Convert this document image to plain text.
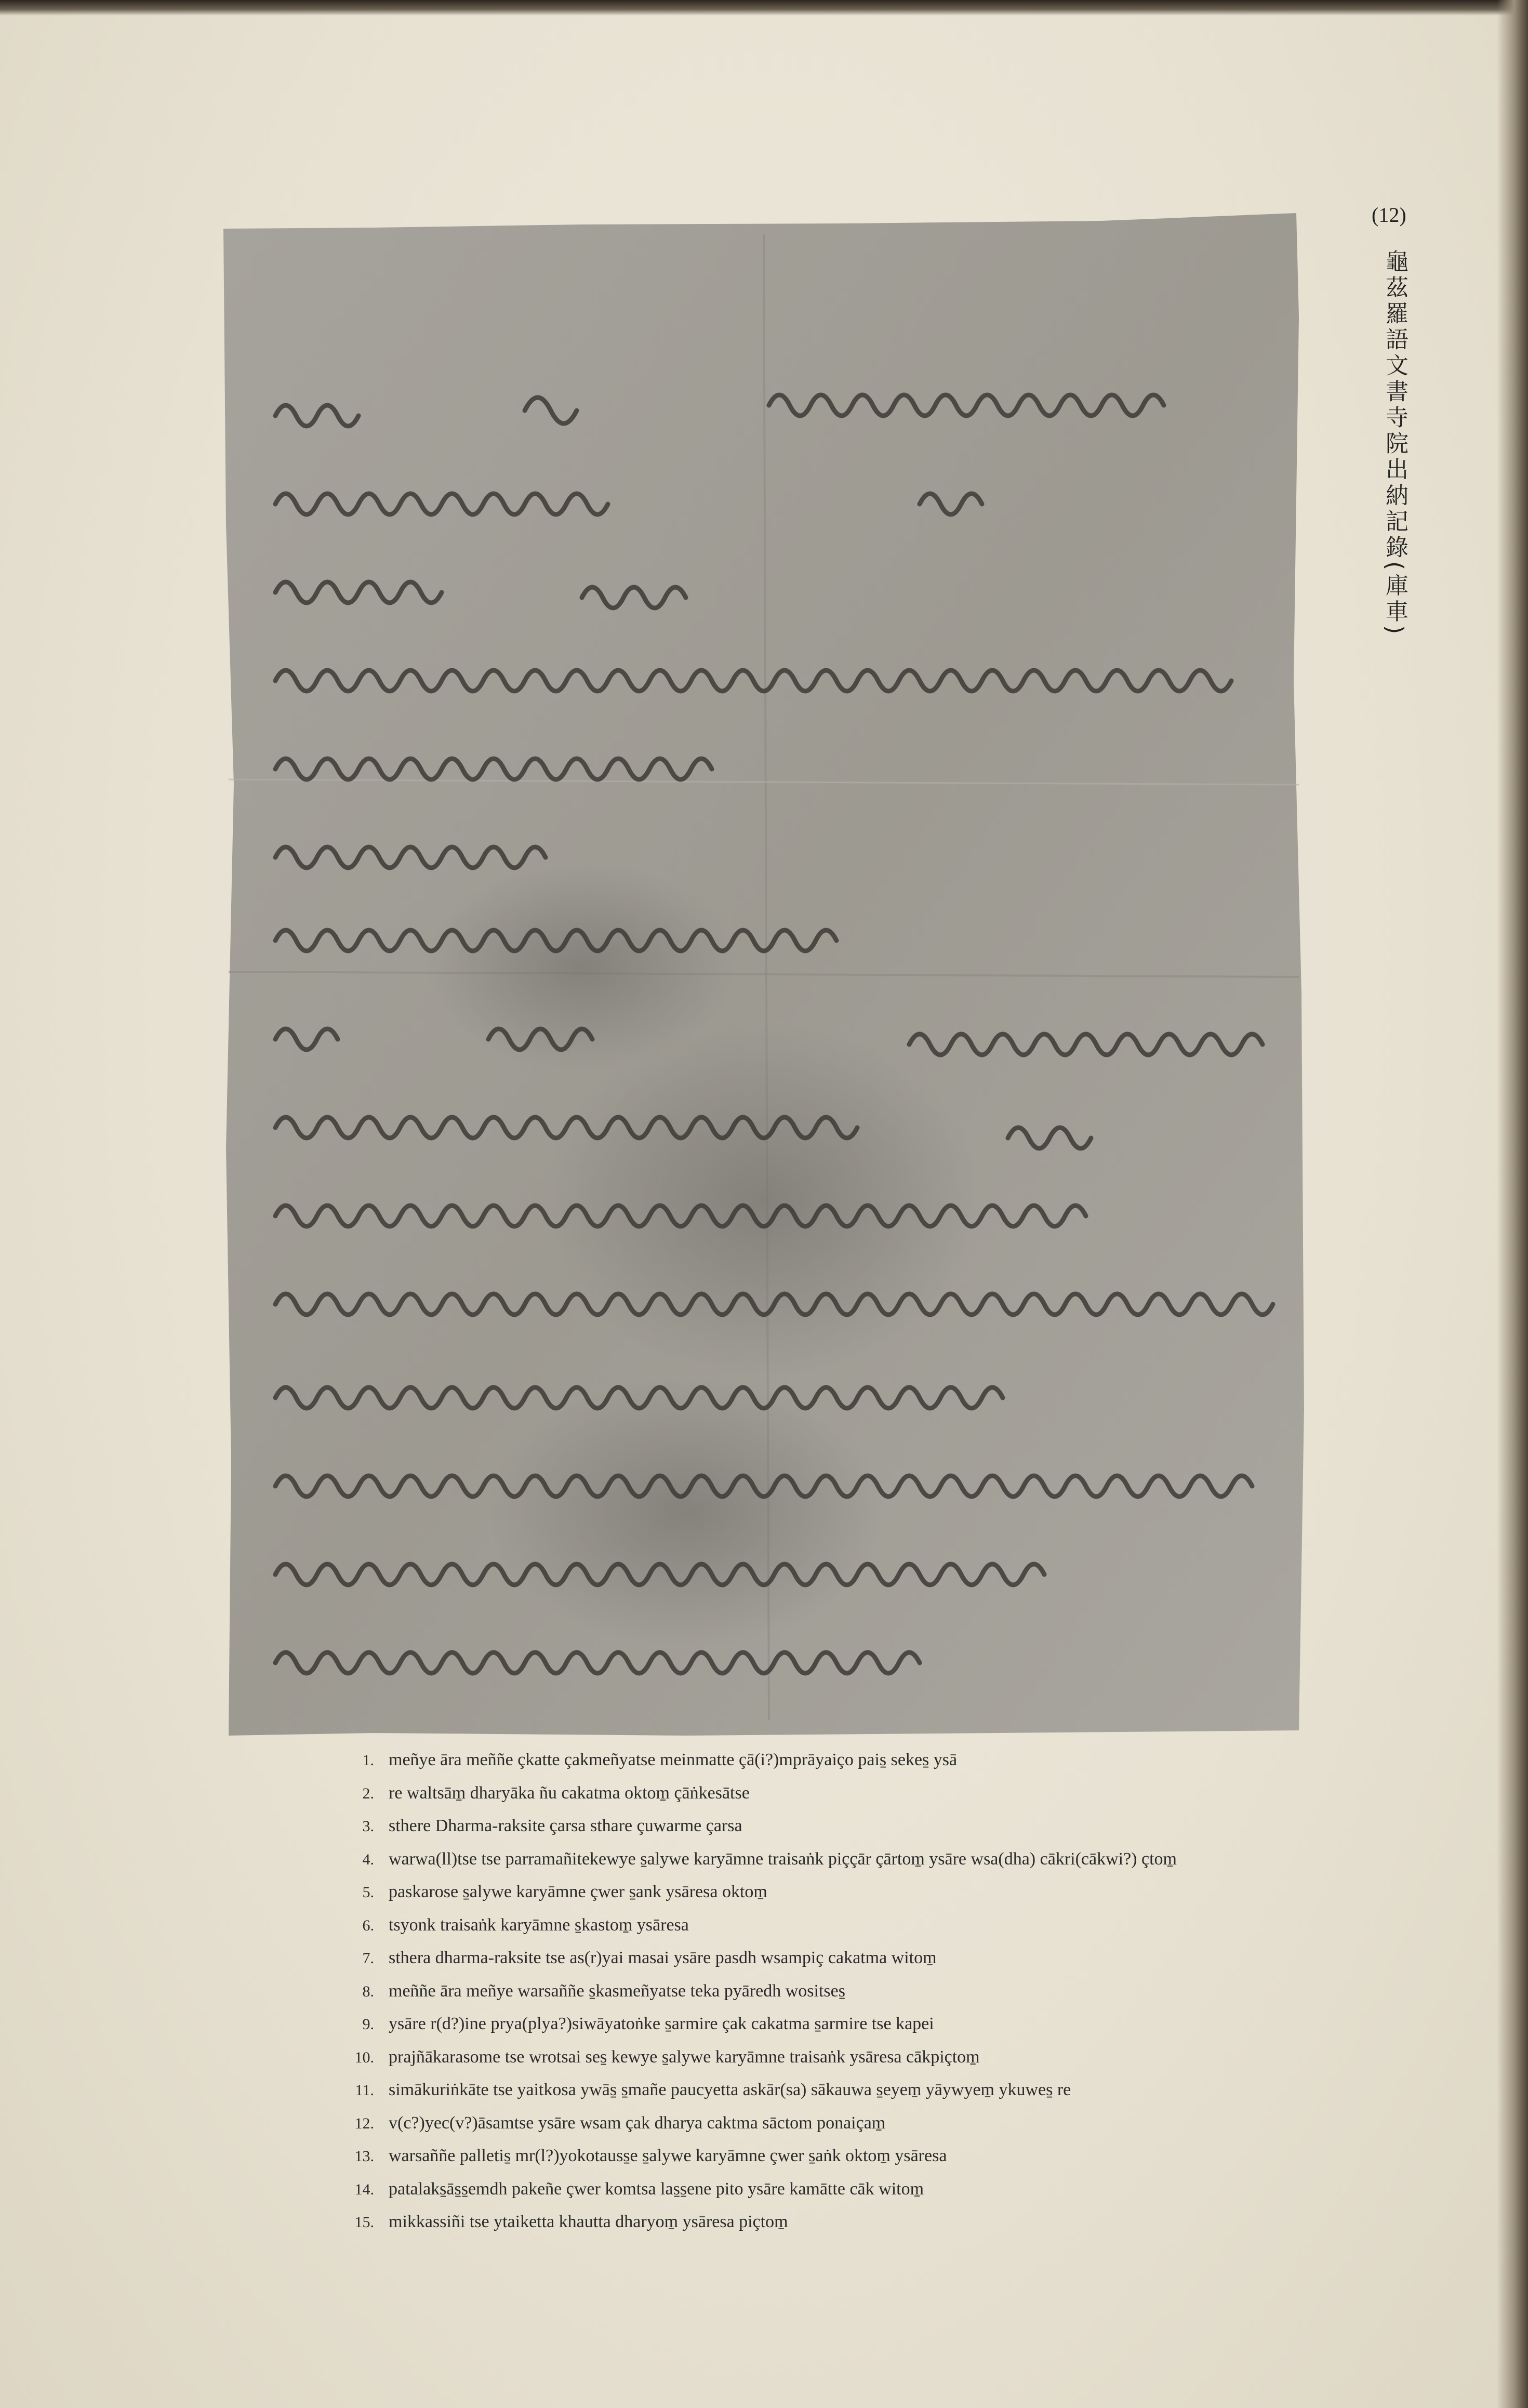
(12)
龜茲羅語文書寺院出納記錄(庫車)
1. meñye āra meññe çkatte çakmeñyatse meinmatte çā(i?)mprāyaiço pais̱ sekes̱ ysā
2. re waltsām̱ dharyāka ñu cakatma oktom̱ çāṅkesātse
3. sthere Dharma-raksite çarsa sthare çuwarme çarsa
4. warwa(ll)tse tse parramañitekewye s̱alywe karyāmne traisaṅk piççār çārtom̱ ysāre wsa(dha) cākri(cākwi?) çtom̱
5. paskarose s̱alywe karyāmne çwer s̱ank ysāresa oktom̱
6. tsyonk traisaṅk karyāmne s̱kastom̱ ysāresa
7. sthera dharma-raksite tse as(r)yai masai ysāre pasdh wsampiç cakatma witom̱
8. meññe āra meñye warsaññe s̱kasmeñyatse teka pyāredh wositses̱
9. ysāre r(d?)ine prya(plya?)siwāyatoṅke s̱armire çak cakatma s̱armire tse kapei
10. prajñākarasome tse wrotsai ses̱ kewye s̱alywe karyāmne traisaṅk ysāresa cākpiçtom̱
11. simākuriṅkāte tse yaitkosa ywās̱ s̱mañe paucyetta askār(sa) sākauwa s̱eyem̱ yāywyem̱ ykuwes̱ re
12. v(c?)yec(v?)āsamtse ysāre wsam çak dharya caktma sāctom ponaiçam̱
13. warsaññe palletis̱ mr(l?)yokotauss̱e s̱alywe karyāmne çwer s̱aṅk oktom̱ ysāresa
14. patalaks̱ās̱s̱emdh pakeñe çwer komtsa las̱s̱ene pito ysāre kamātte cāk witom̱
15. mikkassiñi tse ytaiketta khautta dharyom̱ ysāresa piçtom̱
